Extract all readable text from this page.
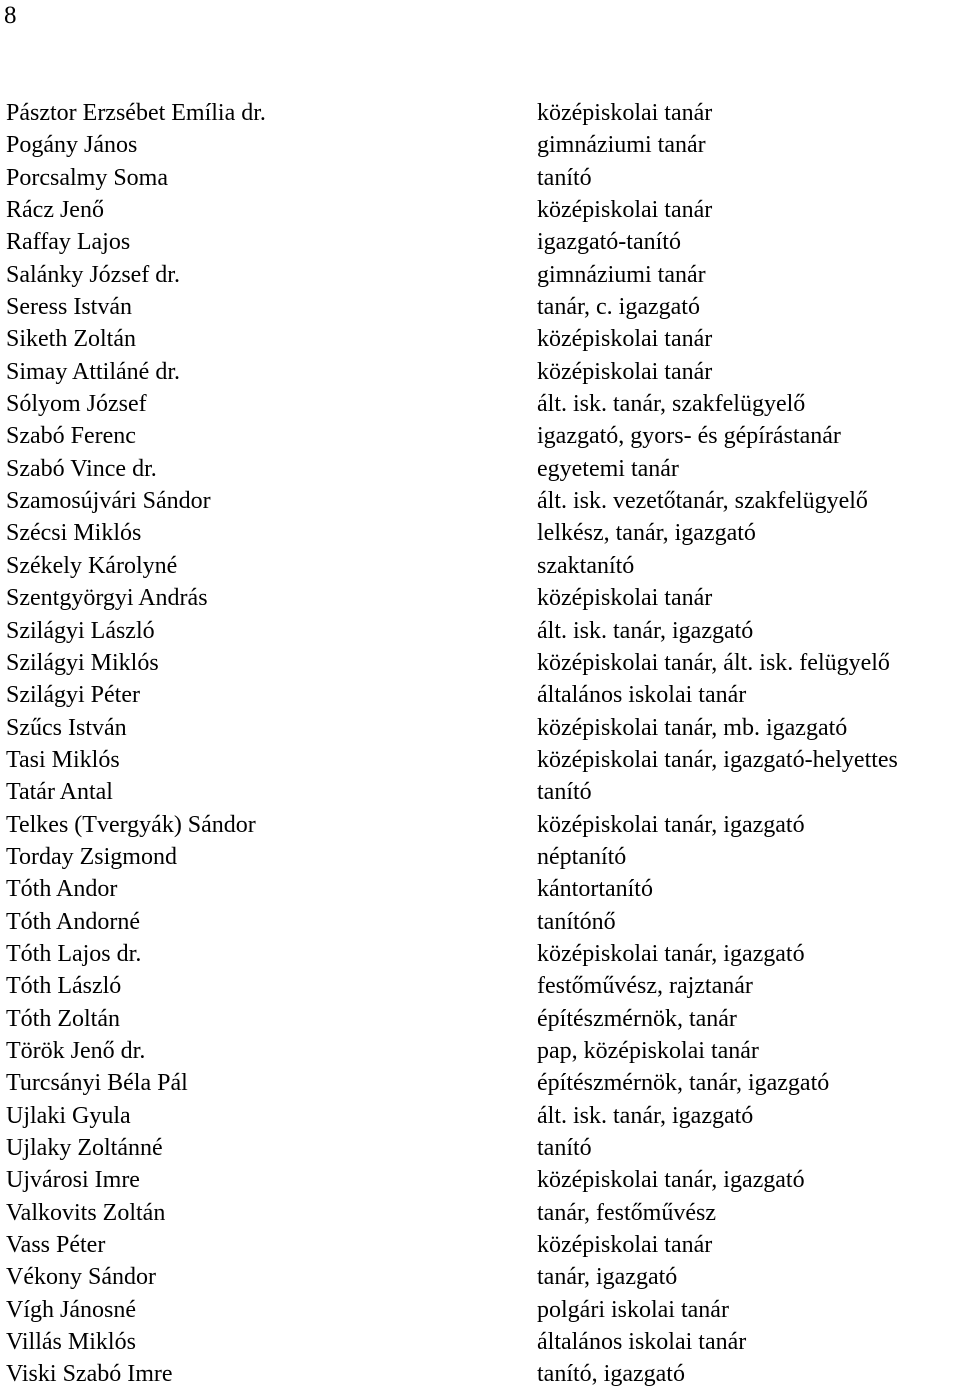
8
Pásztor Erzsébet Emília dr.	középiskolai tanár
Pogány János	gimnáziumi tanár
Porcsalmy Soma	tanító
Rácz Jenő	középiskolai tanár
Raffay Lajos	igazgató-tanító
Salánky József dr.	gimnáziumi tanár
Seress István	tanár, c. igazgató
Siketh Zoltán	középiskolai tanár
Simay Attiláné dr.	középiskolai tanár
Sólyom József	ált. isk. tanár, szakfelügyelő
Szabó Ferenc	igazgató, gyors- és gépírástanár
Szabó Vince dr.	egyetemi tanár
Szamosújvári Sándor	ált. isk. vezetőtanár, szakfelügyelő
Szécsi Miklós	lelkész, tanár, igazgató
Székely Károlyné	szaktanító
Szentgyörgyi András	középiskolai tanár
Szilágyi László	ált. isk. tanár, igazgató
Szilágyi Miklós	középiskolai tanár, ált. isk. felügyelő
Szilágyi Péter	általános iskolai tanár
Szűcs István	középiskolai tanár, mb. igazgató
Tasi Miklós	középiskolai tanár, igazgató-helyettes
Tatár Antal	tanító
Telkes (Tvergyák) Sándor	középiskolai tanár, igazgató
Torday Zsigmond	néptanító
Tóth Andor	kántortanító
Tóth Andorné	tanítónő
Tóth Lajos dr.	középiskolai tanár, igazgató
Tóth László	festőművész, rajztanár
Tóth Zoltán	építészmérnök, tanár
Török Jenő dr.	pap, középiskolai tanár
Turcsányi Béla Pál	építészmérnök, tanár, igazgató
Ujlaki Gyula	ált. isk. tanár, igazgató
Ujlaky Zoltánné	tanító
Ujvárosi Imre	középiskolai tanár, igazgató
Valkovits Zoltán	tanár, festőművész
Vass Péter	középiskolai tanár
Vékony Sándor	tanár, igazgató
Vígh Jánosné	polgári iskolai tanár
Villás Miklós	általános iskolai tanár
Viski Szabó Imre	tanító, igazgató
